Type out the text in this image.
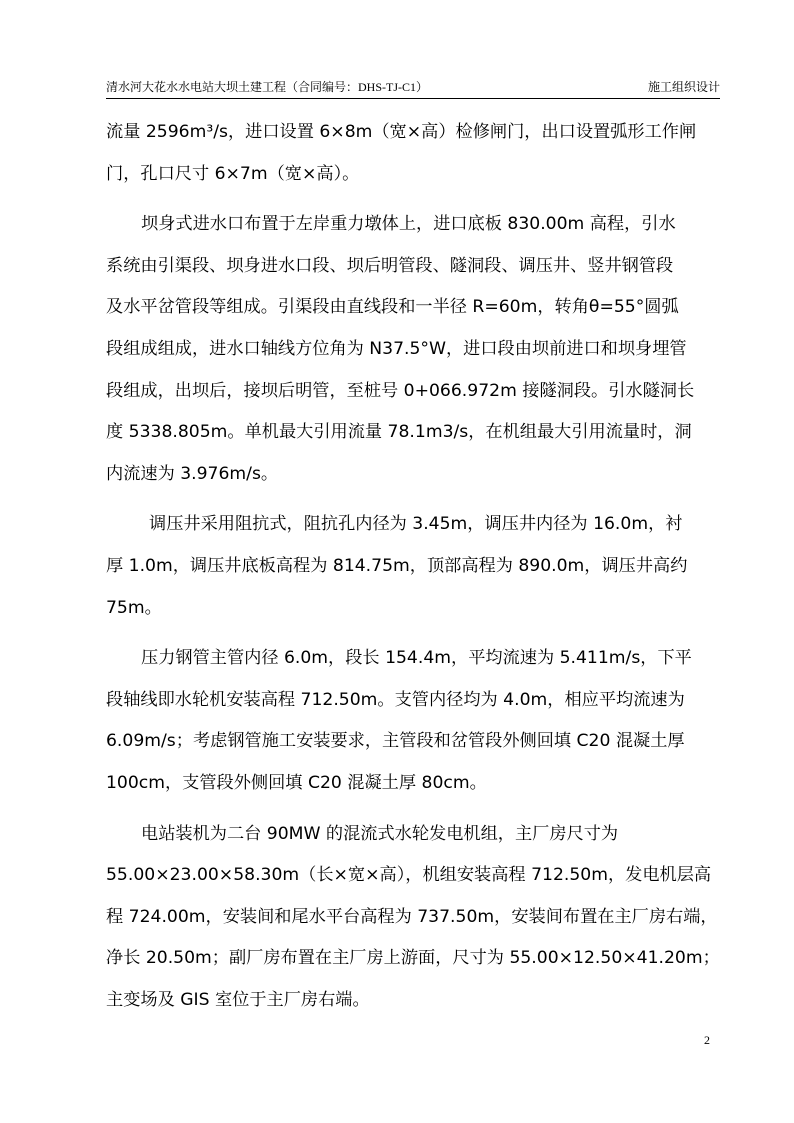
清水河大花水水电站大坝土建工程（合同编号：DHS-TJ-C1）	施工组织设计

流量 2596m³/s，进口设置 6×8m（宽×高）检修闸门，出口设置弧形工作闸
门，孔口尺寸 6×7m（宽×高）。

坝身式进水口布置于左岸重力墩体上，进口底板 830.00m 高程，引水
系统由引渠段、坝身进水口段、坝后明管段、隧洞段、调压井、竖井钢管段
及水平岔管段等组成。引渠段由直线段和一半径 R=60m，转角θ=55°圆弧
段组成组成，进水口轴线方位角为 N37.5°W，进口段由坝前进口和坝身埋管
段组成，出坝后，接坝后明管，至桩号 0+066.972m 接隧洞段。引水隧洞长
度 5338.805m。单机最大引用流量 78.1m3/s，在机组最大引用流量时，洞
内流速为 3.976m/s。

调压井采用阻抗式，阻抗孔内径为 3.45m，调压井内径为 16.0m，衬
厚 1.0m，调压井底板高程为 814.75m，顶部高程为 890.0m，调压井高约
75m。

压力钢管主管内径 6.0m，段长 154.4m，平均流速为 5.411m/s，下平
段轴线即水轮机安装高程 712.50m。支管内径均为 4.0m，相应平均流速为
6.09m/s；考虑钢管施工安装要求，主管段和岔管段外侧回填 C20 混凝土厚
100cm，支管段外侧回填 C20 混凝土厚 80cm。

电站装机为二台 90MW 的混流式水轮发电机组，主厂房尺寸为
55.00×23.00×58.30m（长×宽×高），机组安装高程 712.50m，发电机层高
程 724.00m，安装间和尾水平台高程为 737.50m，安装间布置在主厂房右端，
净长 20.50m；副厂房布置在主厂房上游面，尺寸为 55.00×12.50×41.20m；
主变场及 GIS 室位于主厂房右端。

2
